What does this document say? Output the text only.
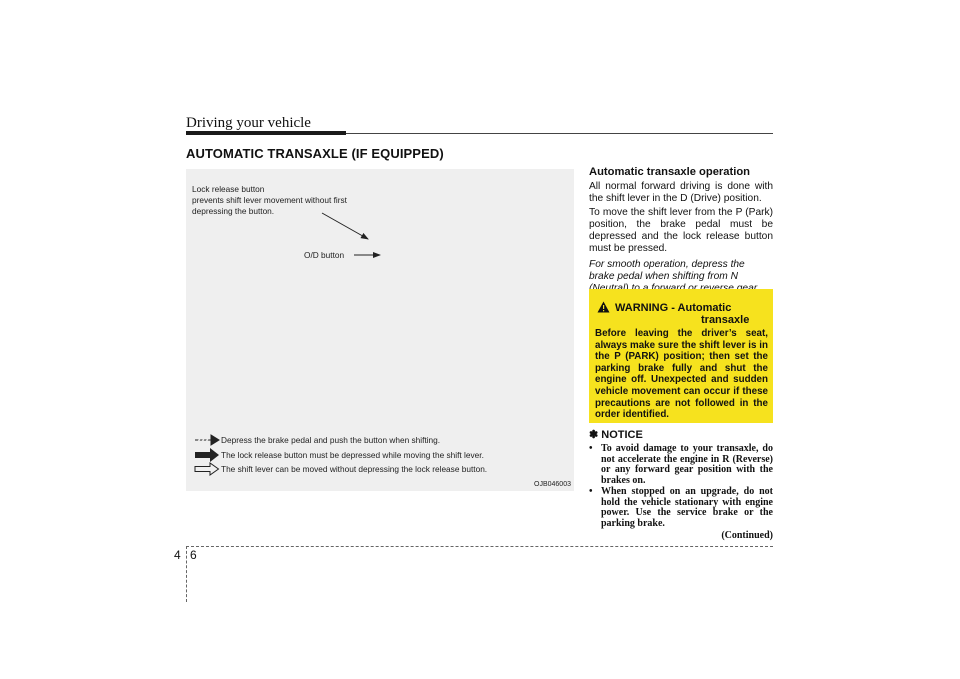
Driving your vehicle
AUTOMATIC TRANSAXLE (IF EQUIPPED)
Lock release button
prevents shift lever movement without first
depressing the button.
O/D button
Depress the brake pedal and push the button when shifting.
The lock release button must be depressed while moving the shift lever.
The shift lever can be moved without depressing the lock release button.
OJB046003
Automatic transaxle operation
All normal forward driving is done with the shift lever in the D (Drive) position.
To move the shift lever from the P (Park) position, the brake pedal must be depressed and the lock release button must be pressed.
For smooth operation, depress the brake pedal when shifting from N
WARNING - Automatic
transaxle
Before leaving the driver’s seat, always make sure the shift lever is in the P (PARK) position; then set the parking brake fully and shut the engine off. Unexpected and sudden vehicle movement can occur if these precautions are not followed in the order identified.
✽ NOTICE
• To avoid damage to your transaxle, do not accelerate the engine in R (Reverse) or any forward gear position with the brakes on.
• When stopped on an upgrade, do not hold the vehicle stationary with engine power. Use the service brake or the parking brake.
(Continued)
4 6
